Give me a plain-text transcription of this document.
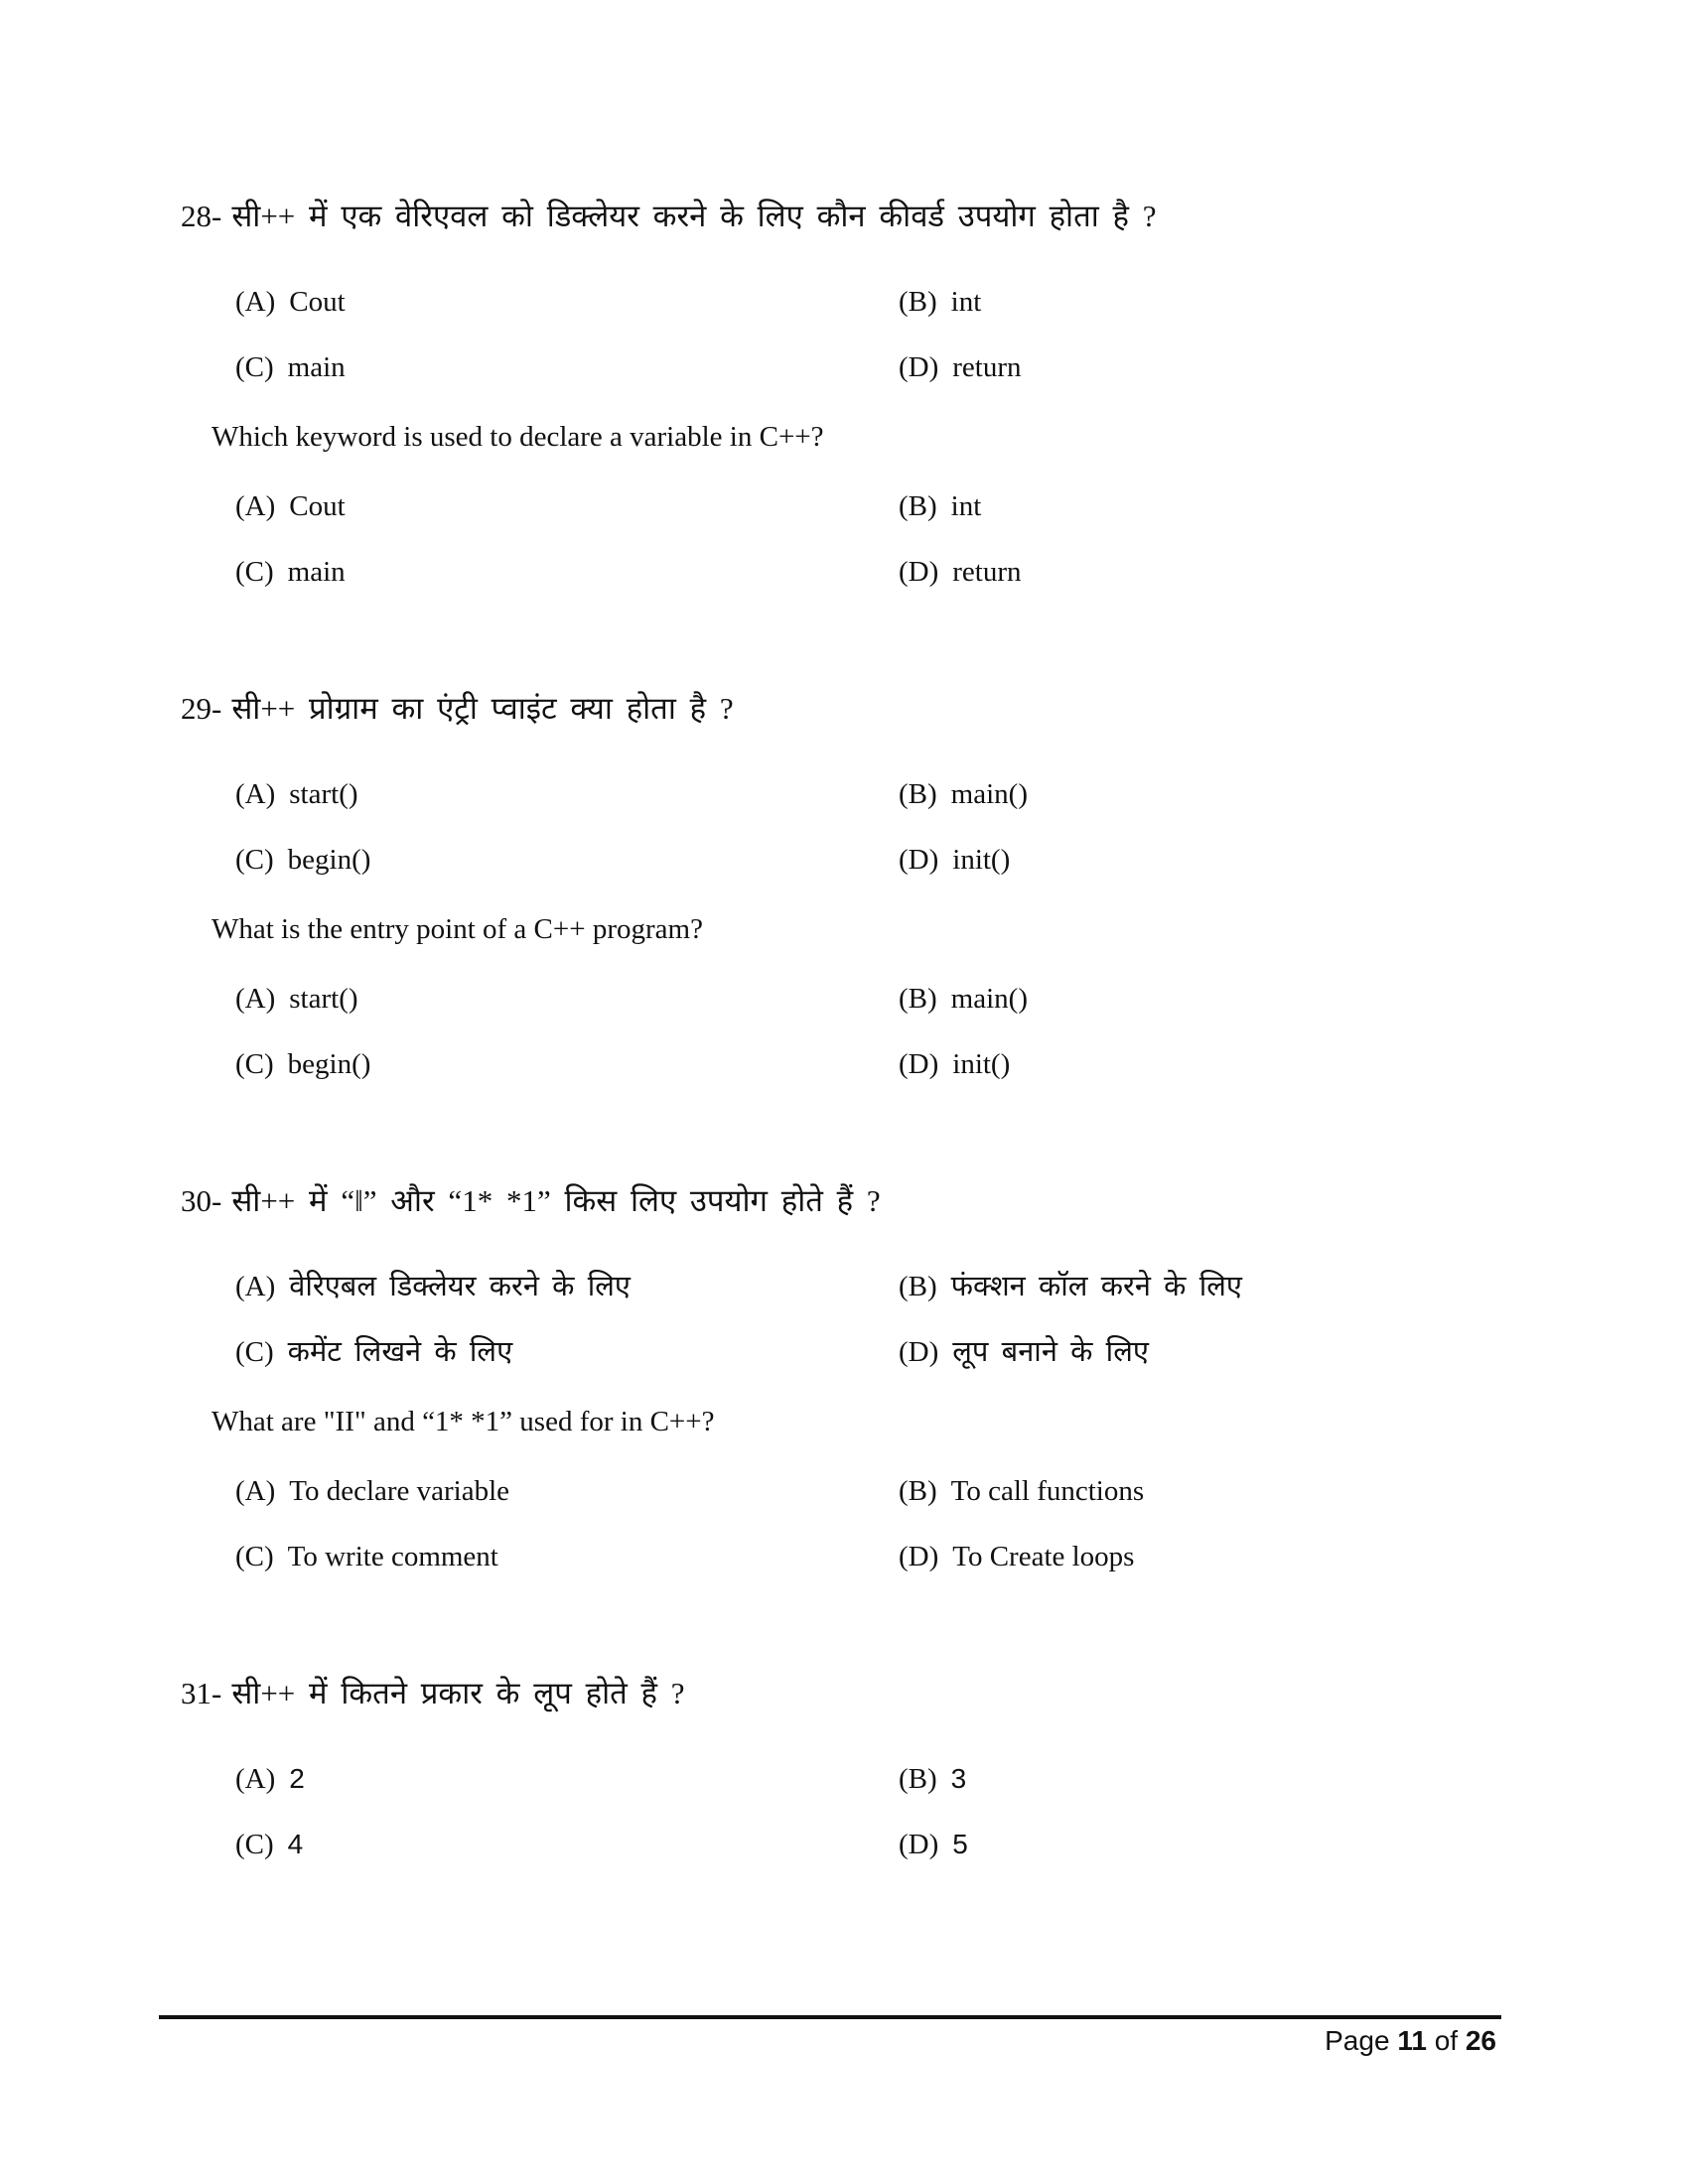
28- सी++ में एक वेरिएवल को डिक्लेयर करने के लिए कौन कीवर्ड उपयोग होता है ?
(A) Cout	(B) int
(C) main	(D) return
Which keyword is used to declare a variable in C++?
(A) Cout	(B) int
(C) main	(D) return
29- सी++ प्रोग्राम का एंट्री प्वाइंट क्या होता है ?
(A) start()	(B) main()
(C) begin()	(D) init()
What is the entry point of a C++ program?
(A) start()	(B) main()
(C) begin()	(D) init()
30- सी++ में “‖” और “1* *1” किस लिए उपयोग होते हैं ?
(A) वेरिएबल डिक्लेयर करने के लिए	(B) फंक्शन कॉल करने के लिए
(C) कमेंट लिखने के लिए	(D) लूप बनाने के लिए
What are "II" and “1* *1” used for in C++?
(A) To declare variable	(B) To call functions
(C) To write comment	(D) To Create loops
31- सी++ में कितने प्रकार के लूप होते हैं ?
(A) 2	(B) 3
(C) 4	(D) 5
Page 11 of 26
